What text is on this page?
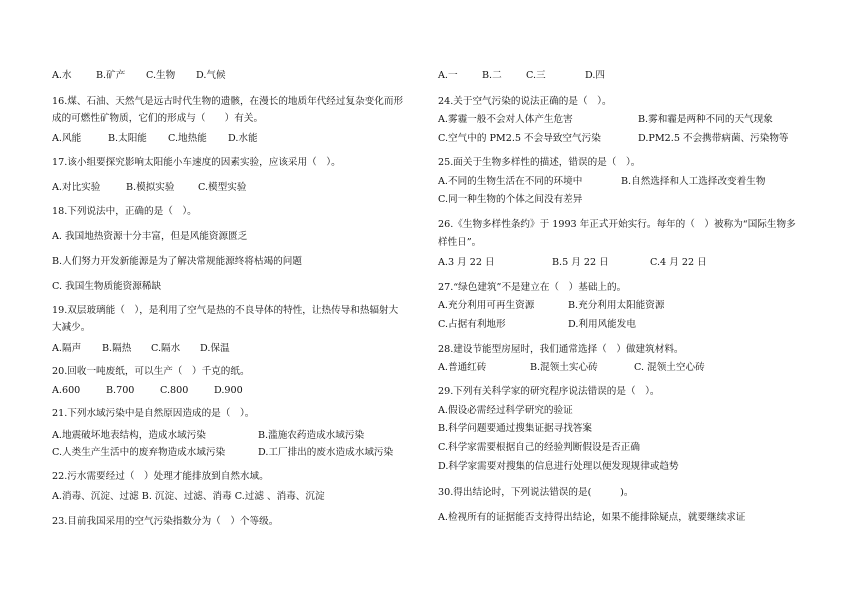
A.水	B.矿产 C.生物 D.气候
16.煤、石油、天然气是远古时代生物的遗骸，在漫长的地质年代经过复杂变化而形
成的可燃性矿物质，它们的形成与（　　）有关。
A.风能	B.太阳能 C.地热能 D.水能
17.该小组要探究影响太阳能小车速度的因素实验，应该采用（　）。
A.对比实验	B.模拟实验 C.模型实验
18.下列说法中，正确的是（　）。
A. 我国地热资源十分丰富，但是风能资源匮乏
B.人们努力开发新能源是为了解决常规能源终将枯竭的问题
C. 我国生物质能资源稀缺
19.双层玻璃能（　），是利用了空气是热的不良导体的特性，让热传导和热辐射大
大减少。
A.隔声 B.隔热 C.隔水 D.保温
20.回收一吨废纸，可以生产（　）千克的纸。
A.600	B.700	C.800	D.900
21.下列水域污染中是自然原因造成的是（　）。
A.地震破坏地表结构，造成水域污染	B.滥施农药造成水域污染
C.人类生产生活中的废弃物造成水域污染	D.工厂排出的废水造成水域污染
22.污水需要经过（　）处理才能排放到自然水域。
A.消毒、沉淀、过滤 B. 沉淀、过滤、消毒 C.过滤 、消毒、沉淀
23.目前我国采用的空气污染指数分为（　）个等级。
A.一	B.二	C.三	D.四
24.关于空气污染的说法正确的是（　）。
A.雾霾一般不会对人体产生危害	B.雾和霾是两种不同的天气现象
C.空气中的 PM2.5 不会导致空气污染	D.PM2.5 不会携带病菌、污染物等
25.面关于生物多样性的描述，错误的是（　）。
A.不同的生物生活在不同的环境中	B.自然选择和人工选择改变着生物
C.同一种生物的个体之间没有差异
26.《生物多样性条约》于 1993 年正式开始实行。每年的（　）被称为“国际生物多
样性日”。
A.3 月 22 日	B.5 月 22 日	C.4 月 22 日
27.“绿色建筑”不是建立在（　）基础上的。
A.充分利用可再生资源	B.充分利用太阳能资源
C.占据有利地形	D.利用风能发电
28.建设节能型房屋时，我们通常选择（　）做建筑材料。
A.普通红砖	B.混领土实心砖	C. 混领土空心砖
29.下列有关科学家的研究程序说法错误的是（　）。
A.假设必需经过科学研究的验证
B.科学问题要通过搜集证据寻找答案
C.科学家需要根据自己的经验判断假设是否正确
D.科学家需要对搜集的信息进行处理以便发现规律或趋势
30.得出结论时，下列说法错误的是(　　　)。
A.检视所有的证据能否支持得出结论，如果不能排除疑点，就要继续求证
